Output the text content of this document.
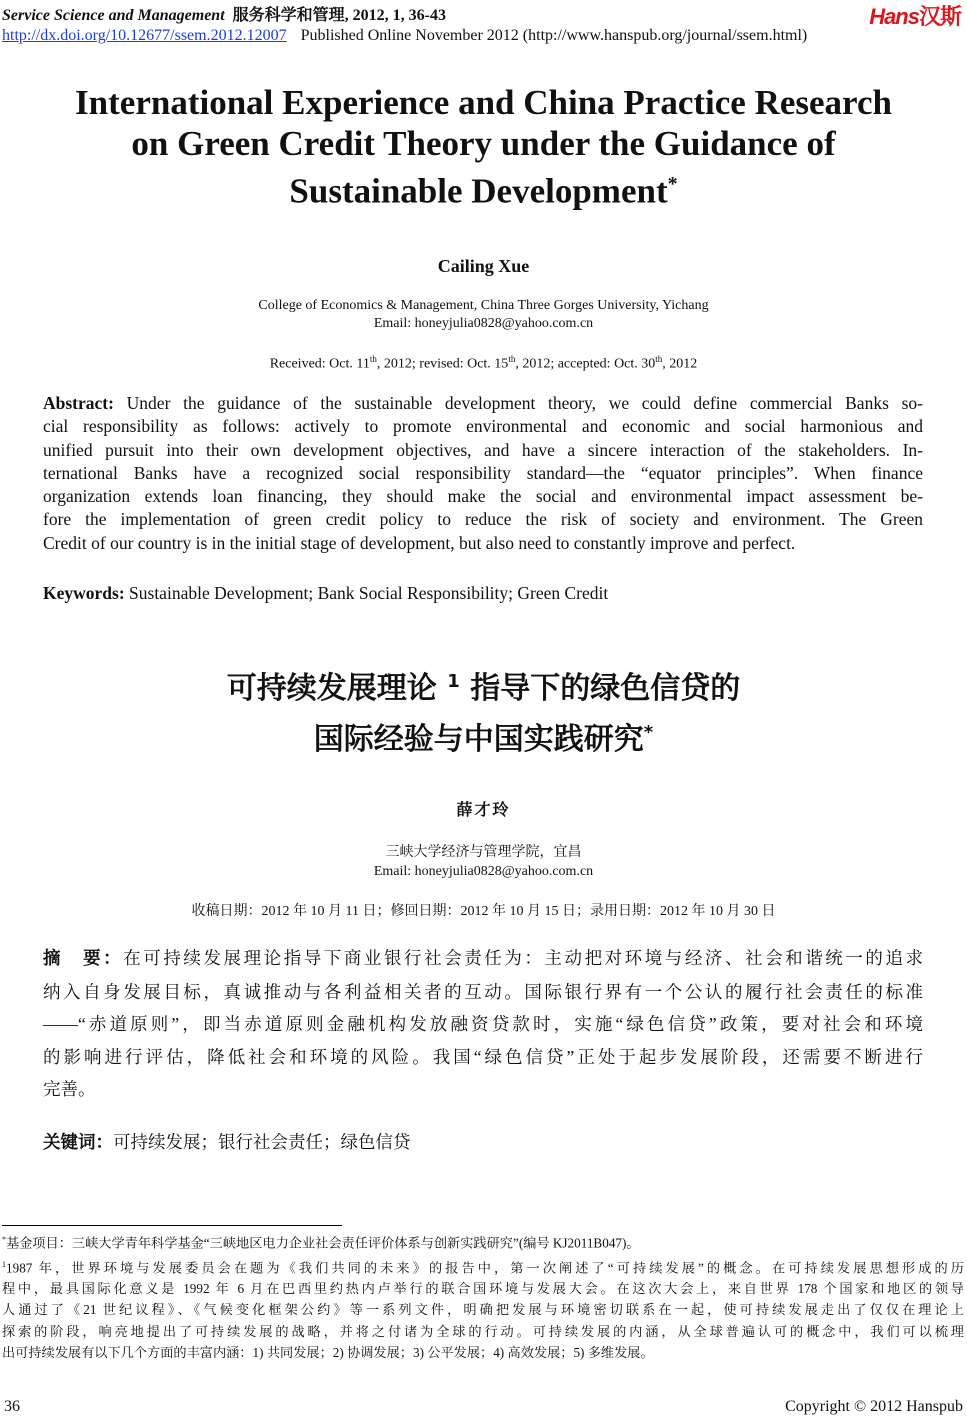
Service Science and Management 服务科学和管理, 2012, 1, 36-43	Hans汉斯
http://dx.doi.org/10.12677/ssem.2012.12007 Published Online November 2012 (http://www.hanspub.org/journal/ssem.html)
International Experience and China Practice Research
on Green Credit Theory under the Guidance of
Sustainable Development*
Cailing Xue
College of Economics & Management, China Three Gorges University, Yichang
Email: honeyjulia0828@yahoo.com.cn
Received: Oct. 11th, 2012; revised: Oct. 15th, 2012; accepted: Oct. 30th, 2012
Abstract: Under the guidance of the sustainable development theory, we could define commercial Banks so-
cial responsibility as follows: actively to promote environmental and economic and social harmonious and
unified pursuit into their own development objectives, and have a sincere interaction of the stakeholders. In-
ternational Banks have a recognized social responsibility standard—the “equator principles”. When finance
organization extends loan financing, they should make the social and environmental impact assessment be-
fore the implementation of green credit policy to reduce the risk of society and environment. The Green
Credit of our country is in the initial stage of development, but also need to constantly improve and perfect.
Keywords: Sustainable Development; Bank Social Responsibility; Green Credit
可持续发展理论 $^1$ 指导下的绿色信贷的
国际经验与中国实践研究*
薛才玲
三峡大学经济与管理学院，宜昌
Email: honeyjulia0828@yahoo.com.cn
收稿日期：2012 年 10 月 11 日；修回日期：2012 年 10 月 15 日；录用日期：2012 年 10 月 30 日
摘　要：在可持续发展理论指导下商业银行社会责任为：主动把对环境与经济、社会和谐统一的追求
纳入自身发展目标，真诚推动与各利益相关者的互动。国际银行界有一个公认的履行社会责任的标准
——“赤道原则”，即当赤道原则金融机构发放融资贷款时，实施“绿色信贷”政策，要对社会和环境
的影响进行评估，降低社会和环境的风险。我国“绿色信贷”正处于起步发展阶段，还需要不断进行
完善。
关键词：可持续发展；银行社会责任；绿色信贷
*基金项目：三峡大学青年科学基金“三峡地区电力企业社会责任评价体系与创新实践研究”(编号 KJ2011B047)。
$^1$1987 年，世界环境与发展委员会在题为《我们共同的未来》的报告中，第一次阐述了“可持续发展”的概念。在可持续发展思想形成的历
程中，最具国际化意义是 1992 年 6 月在巴西里约热内卢举行的联合国环境与发展大会。在这次大会上，来自世界 178 个国家和地区的领导
人通过了《21 世纪议程》、《气候变化框架公约》等一系列文件，明确把发展与环境密切联系在一起，使可持续发展走出了仅仅在理论上
探索的阶段，响亮地提出了可持续发展的战略，并将之付诸为全球的行动。可持续发展的内涵，从全球普遍认可的概念中，我们可以梳理
出可持续发展有以下几个方面的丰富内涵：1) 共同发展；2) 协调发展；3) 公平发展；4) 高效发展；5) 多维发展。
36	Copyright © 2012 Hanspub
